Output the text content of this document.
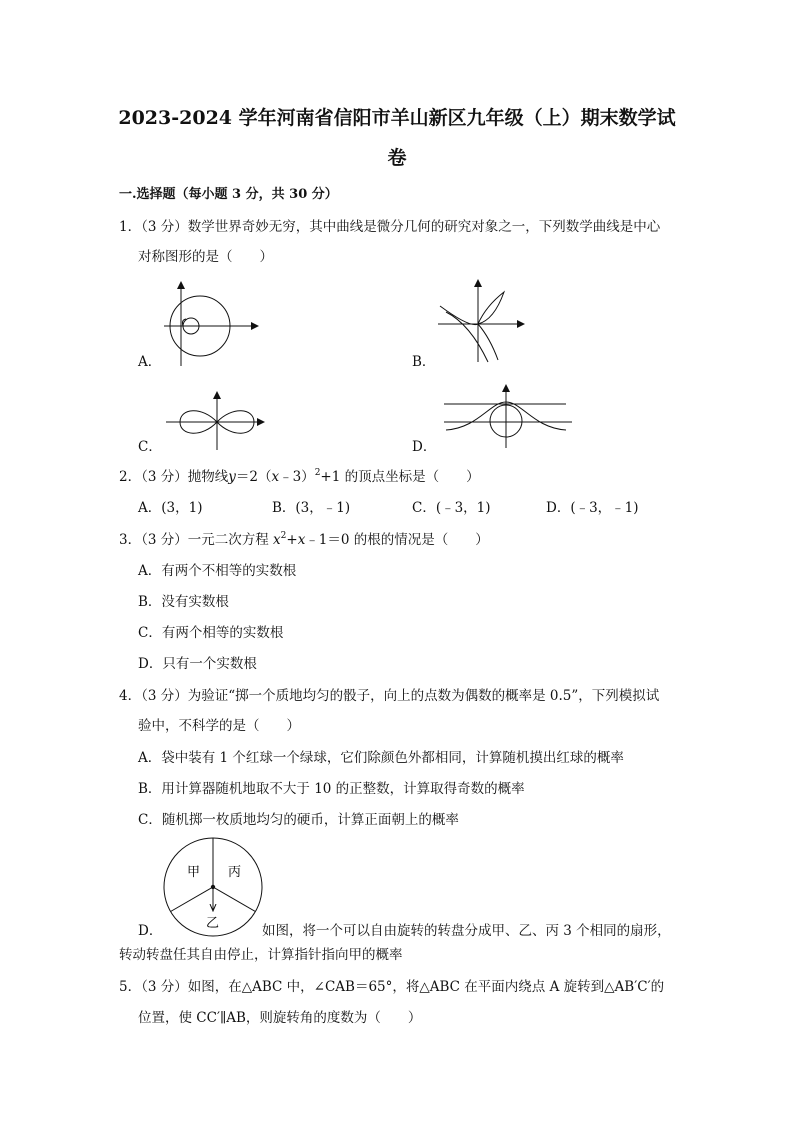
2023-2024 学年河南省信阳市羊山新区九年级（上）期末数学试
卷
一.选择题（每小题 3 分，共 30 分）
1．（3 分）数学世界奇妙无穷，其中曲线是微分几何的研究对象之一，下列数学曲线是中心
对称图形的是（　　）
A．	B．
C．	D．
2．（3 分）抛物线y＝2（x﹣3）$^2$+1 的顶点坐标是（　　）
A．(3，1)	B．(3，﹣1)	C．(﹣3，1)	D．(﹣3，﹣1)
3．（3 分）一元二次方程 $x^2+x﹣1=0$ 的根的情况是（　　）
A．有两个不相等的实数根
B．没有实数根
C．有两个相等的实数根
D．只有一个实数根
4．（3 分）为验证“掷一个质地均匀的骰子，向上的点数为偶数的概率是 0.5”，下列模拟试
验中，不科学的是（　　）
A．袋中装有 1 个红球一个绿球，它们除颜色外都相同，计算随机摸出红球的概率
B．用计算器随机地取不大于 10 的正整数，计算取得奇数的概率
C．随机掷一枚质地均匀的硬币，计算正面朝上的概率
甲 丙
乙
D．	如图，将一个可以自由旋转的转盘分成甲、乙、丙 3 个相同的扇形，
转动转盘任其自由停止，计算指针指向甲的概率
5．（3 分）如图，在△ABC 中，∠CAB＝65°，将△ABC 在平面内绕点 A 旋转到△AB′C′的
位置，使 CC′∥AB，则旋转角的度数为（　　）
